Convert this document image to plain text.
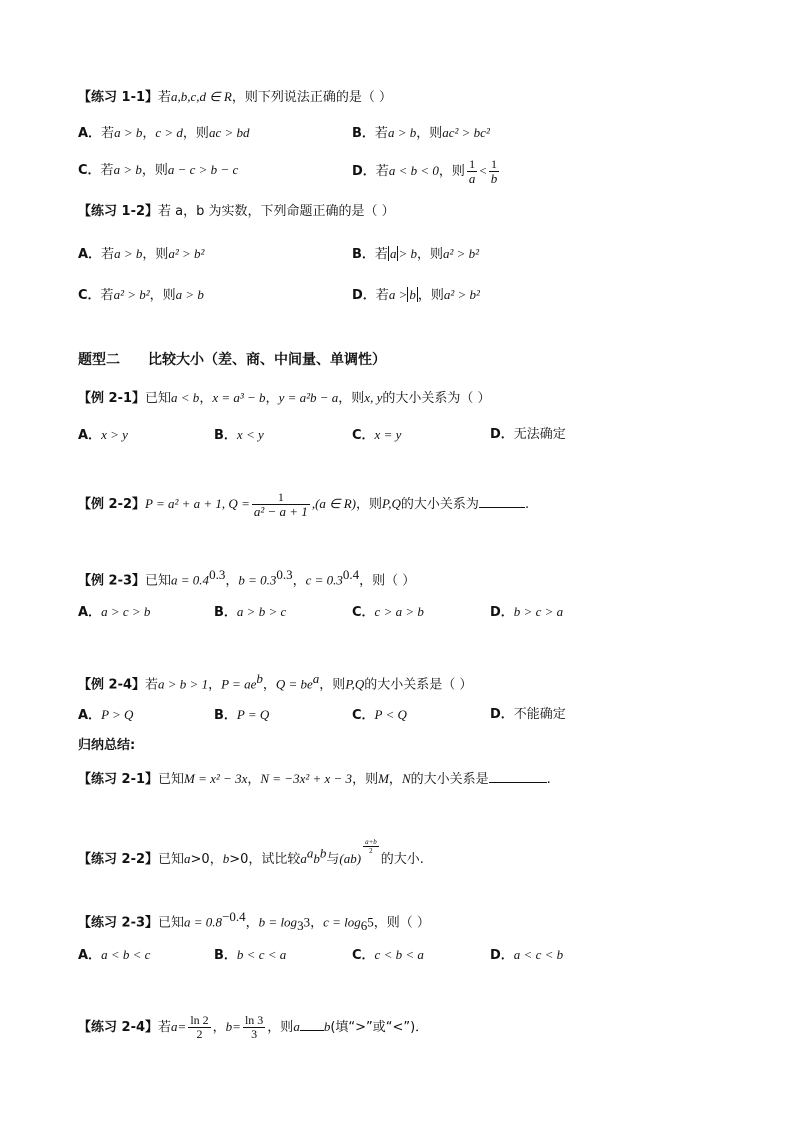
【练习 1-1】若a,b,c,d ∈ R，则下列说法正确的是（ ）
A．若a > b，c > d，则ac > bd	B．若a > b，则ac² > bc²
C．若a > b，则a − c > b − c	D．若a < b < 0，则 $\frac{1}{a} < \frac{1}{b}$
【练习 1-2】若 a，b 为实数，下列命题正确的是（ ）
A．若a > b，则a² > b²	B．若 a > b，则a² > b²
C．若a² > b²，则a > b	D．若a > b ，则a² > b²
题型二　　比较大小（差、商、中间量、单调性）
【例 2-1】已知a < b，x = a³ − b，y = a²b − a，则x, y的大小关系为（ ）
A．x > y	B．x < y	C．x = y	D．无法确定
【例 2-2】P = a² + a + 1, $Q = \frac{1}{\text{a² − a + 1}} ,(a$ ∈ R)，则P,Q的大小关系为	.
【例 2-3】已知$a = 0.4^{0.3}$，$b = 0.3^{0.3}$，$c = 0.3^{0.4}$，则（ ）
A．a > c > b	B．a > b > c	C．c > a > b	D．b > c > a
【例 2-4】若a > b > 1，$P = ae^b$，$Q = be^a$，则P,Q的大小关系是（ ）
A．P > Q	B．P = Q	C．P < Q	D．不能确定
归纳总结:
【练习 2-1】已知M = x² − 3x，N = −3x² + x − 3，则M，N的大小关系是	.
【练习 2-2】已知a>0，b>0，试比较$a^ab^b$与(ab)
$\frac{a+b}{2}$
的大小.
【练习 2-3】已知$a = 0.8^{-0.4}$，$b = \log_33$，$c = \log_65$，则（ ）
A．a < b < c	B．b < c < a	C．c < b < a	D．a < c < b
【练习 2-4】若$a= \frac{\ln 2}{2}$ ，$b= \frac{\ln 3}{3}$ ，则a b(填“>”或“<”)．
